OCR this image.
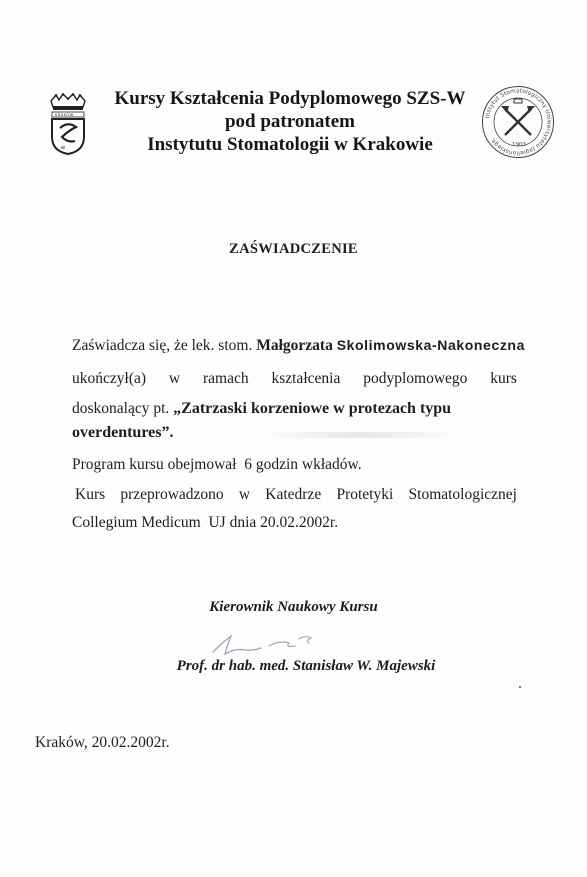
w
KRAKÓW
Kursy Kształcenia Podyplomowego SZS-W
pod patronatem
Instytutu Stomatologii w Krakowie
Instytut Stomatologiczny Uniwersytetu Jagiellońskiego
1903
ZAŚWIADCZENIE
Zaświadcza się, że lek. stom. Małgorzata Skolimowska-Nakoneczna
ukończył(a) w ramach kształcenia podyplomowego kurs
doskonalący pt. „Zatrzaski korzeniowe w protezach typu
overdentures”.
Program kursu obejmował  6 godzin wkładów.
Kurs przeprowadzono w Katedrze Protetyki Stomatologicznej
Collegium Medicum  UJ dnia 20.02.2002r.
Kierownik Naukowy Kursu
Prof. dr hab. med. Stanisław W. Majewski
Kraków, 20.02.2002r.
